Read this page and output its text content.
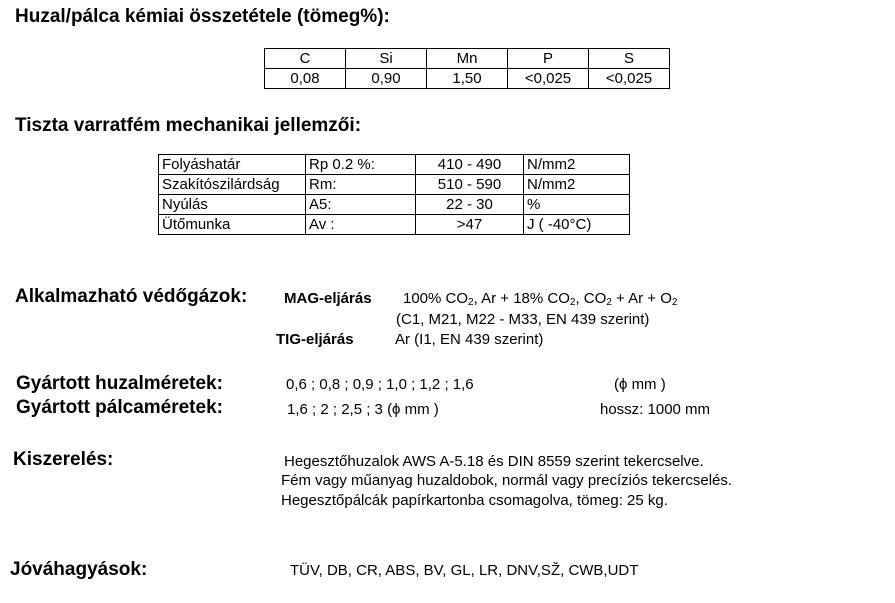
Huzal/pálca kémiai összetétele (tömeg%):
C	Si	Mn	P	S
0,08	0,90	1,50	<0,025	<0,025
Tiszta varratfém mechanikai jellemzői:
Folyáshatár	Rp 0.2 %:	410 - 490	N/mm2
Szakítószilárdság	Rm:	510 - 590	N/mm2
Nyúlás	A5:	22 - 30	%
Ütőmunka	Av :	>47	J ( -40°C)
Alkalmazható védőgázok: MAG-eljárás 100% $CO_2$, Ar + 18% $CO_2$, $CO_2 + Ar + O_2$
(C1, M21, M22 - M33, EN 439 szerint)
TIG-eljárás	Ar (I1, EN 439 szerint)
Gyártott huzalméretek:	0,6 ; 0,8 ; 0,9 ; 1,0 ; 1,2 ; 1,6	(ϕ mm )
Gyártott pálcaméretek:	1,6 ; 2 ; 2,5 ; 3 (ϕ mm )	hossz: 1000 mm
Kiszerelés:	Hegesztőhuzalok AWS A-5.18 és DIN 8559 szerint tekercselve.
Fém vagy műanyag huzaldobok, normál vagy precíziós tekercselés.
Hegesztőpálcák papírkartonba csomagolva, tömeg: 25 kg.
Jóváhagyások:	TÜV, DB, CR, ABS, BV, GL, LR, DNV,SŽ, CWB,UDT
